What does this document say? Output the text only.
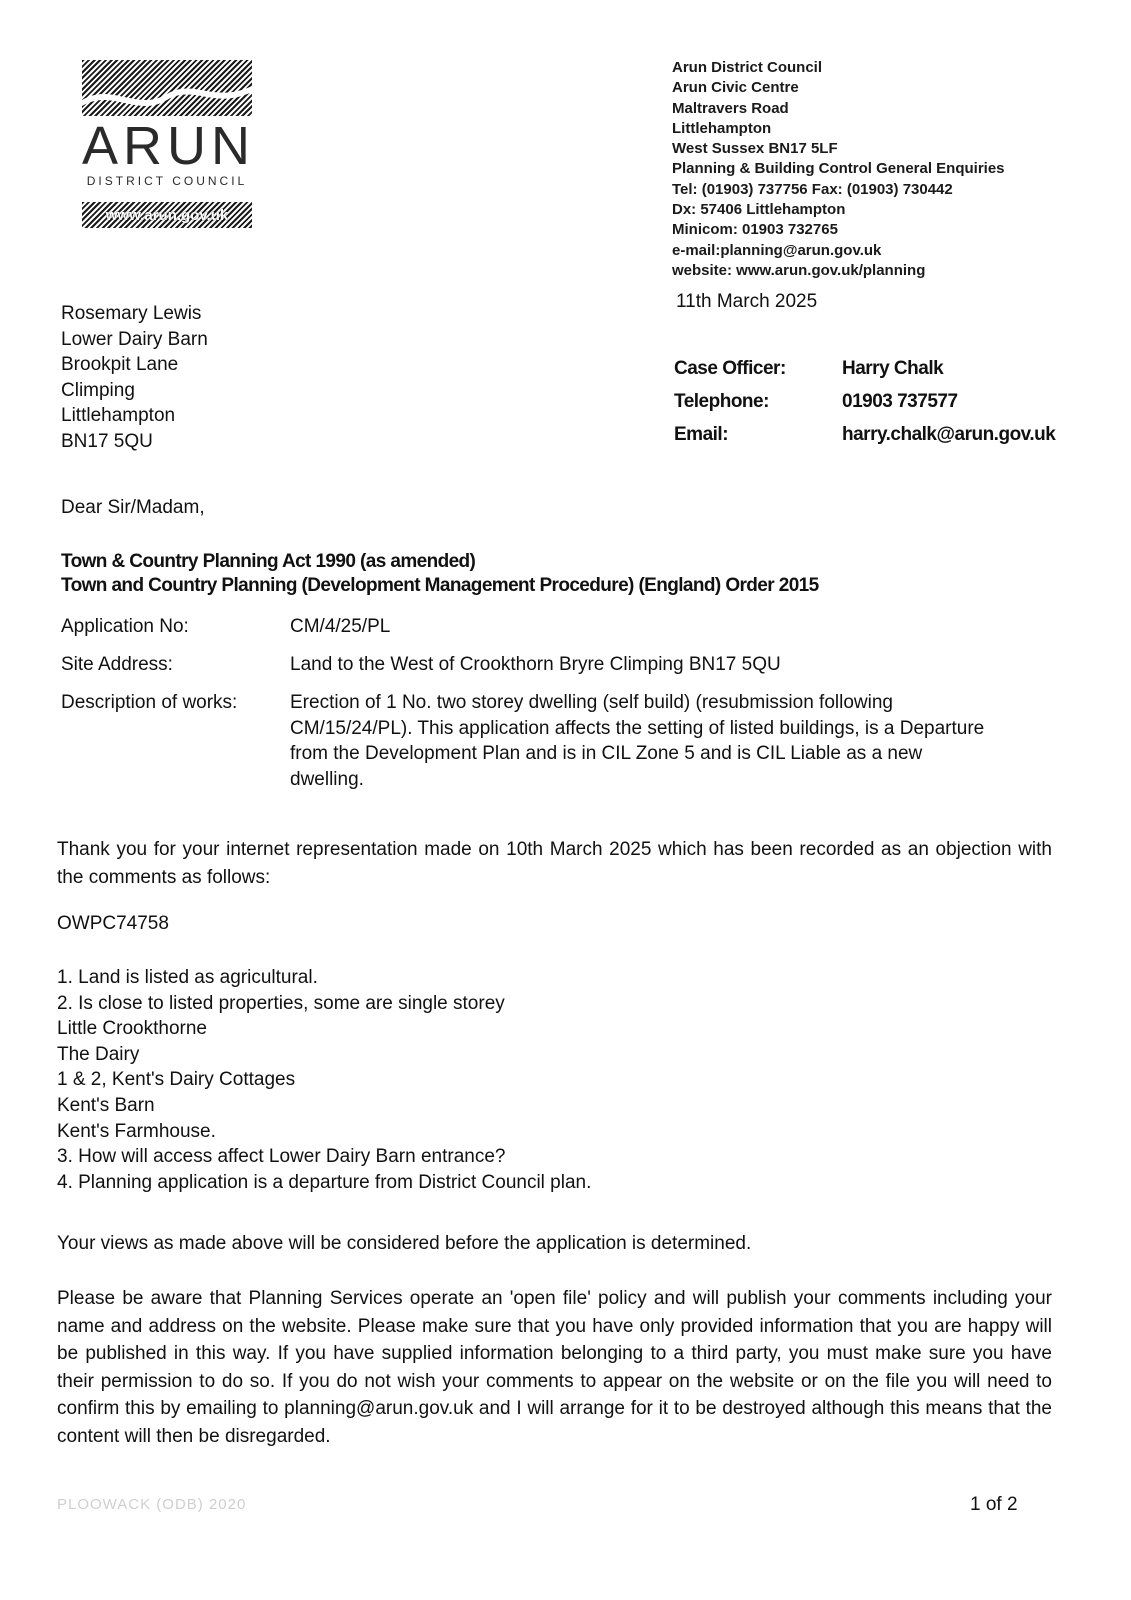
ARUN
DISTRICT COUNCIL
www.arun.gov.uk
Arun District Council
Arun Civic Centre
Maltravers Road
Littlehampton
West Sussex BN17 5LF
Planning & Building Control General Enquiries
Tel: (01903) 737756 Fax: (01903) 730442
Dx: 57406 Littlehampton
Minicom: 01903 732765
e-mail:planning@arun.gov.uk
website: www.arun.gov.uk/planning
11th March 2025
Rosemary Lewis
Lower Dairy Barn
Brookpit Lane
Climping
Littlehampton
BN17 5QU
Case Officer:	Harry Chalk
Telephone:	01903 737577
Email:	harry.chalk@arun.gov.uk
Dear Sir/Madam,
Town & Country Planning Act 1990 (as amended)
Town and Country Planning (Development Management Procedure) (England) Order 2015
Application No:	CM/4/25/PL
Site Address:	Land to the West of Crookthorn Bryre Climping BN17 5QU
Description of works:	Erection of 1 No. two storey dwelling (self build) (resubmission following
CM/15/24/PL). This application affects the setting of listed buildings, is a Departure
from the Development Plan and is in CIL Zone 5 and is CIL Liable as a new
dwelling.
Thank you for your internet representation made on 10th March 2025 which has been recorded as an objection with the comments as follows:
OWPC74758
1. Land is listed as agricultural.
2. Is close to listed properties, some are single storey
Little Crookthorne
The Dairy
1 & 2, Kent's Dairy Cottages
Kent's Barn
Kent's Farmhouse.
3. How will access affect Lower Dairy Barn entrance?
4. Planning application is a departure from District Council plan.
Your views as made above will be considered before the application is determined.
Please be aware that Planning Services operate an 'open file' policy and will publish your comments including your name and address on the website. Please make sure that you have only provided information that you are happy will be published in this way. If you have supplied information belonging to a third party, you must make sure you have their permission to do so. If you do not wish your comments to appear on the website or on the file you will need to confirm this by emailing to planning@arun.gov.uk and I will arrange for it to be destroyed although this means that the content will then be disregarded.
PLOOWACK (ODB) 2020	1 of 2
